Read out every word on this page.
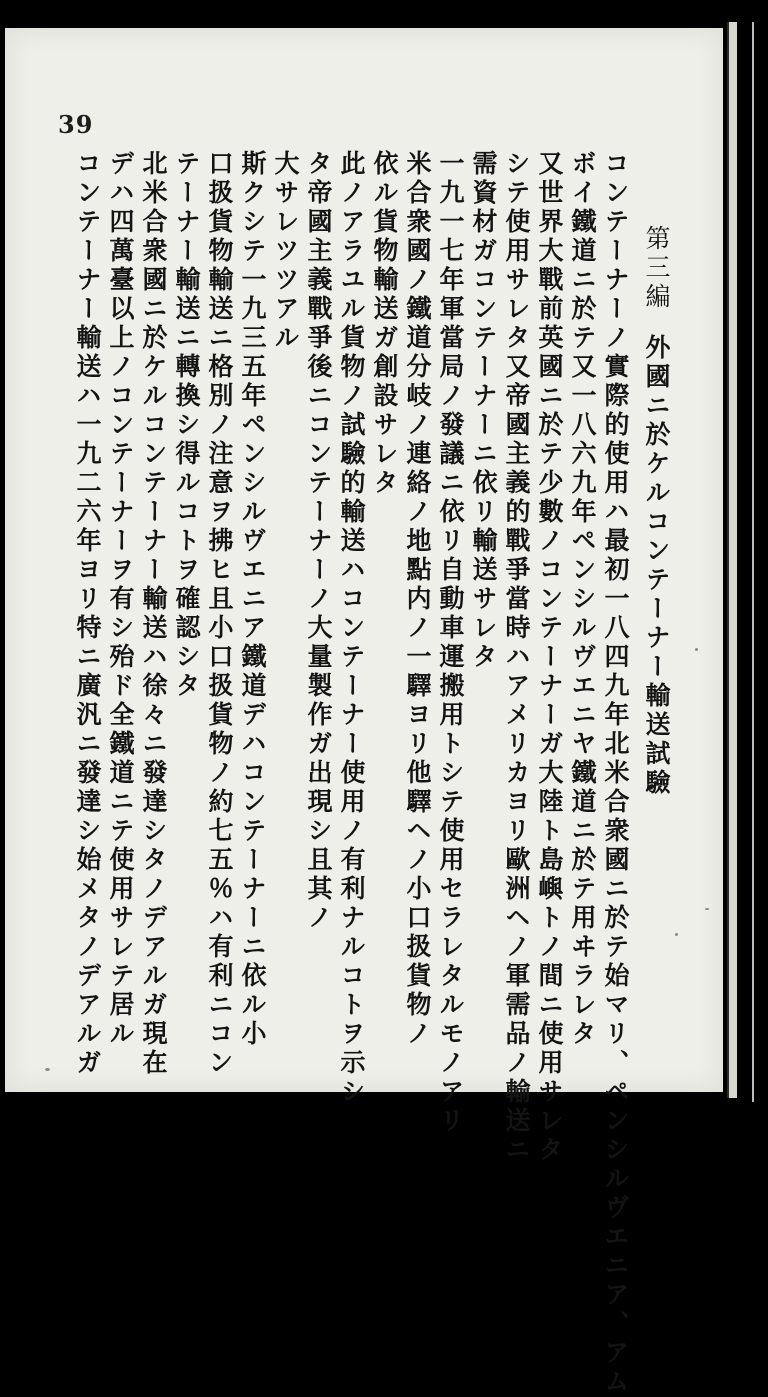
39
第三編外國ニ於ケルコンテーナー輸送試驗
コンテーナーノ實際的使用ハ最初一八四九年北米合衆國ニ於テ始マリ、ペンシルヴエニア、アム
ボイ鐵道ニ於テ又一八六九年ペンシルヴエニヤ鐵道ニ於テ用ヰラレタ
又世界大戰前英國ニ於テ少數ノコンテーナーガ大陸ト島嶼トノ間ニ使用サレタ
シテ使用サレタ又帝國主義的戰爭當時ハアメリカヨリ歐洲ヘノ軍需品ノ輸送ニ
需資材ガコンテーナーニ依リ輸送サレタ
一九一七年軍當局ノ發議ニ依リ自動車運搬用トシテ使用セラレタルモノアリ
米合衆國ノ鐵道分岐ノ連絡ノ地點内ノ一驛ヨリ他驛ヘノ小口扱貨物ノ
依ル貨物輸送ガ創設サレタ
此ノアラユル貨物ノ試驗的輸送ハコンテーナー使用ノ有利ナルコトヲ示シ
タ帝國主義戰爭後ニコンテーナーノ大量製作ガ出現シ且其ノ
大サレツツアル
斯クシテ一九三五年ペンシルヴエニア鐵道デハコンテーナーニ依ル小
口扱貨物輸送ニ格別ノ注意ヲ拂ヒ且小口扱貨物ノ約七五％ハ有利ニコン
テーナー輸送ニ轉換シ得ルコトヲ確認シタ
北米合衆國ニ於ケルコンテーナー輸送ハ徐々ニ發達シタノデアルガ現在
デハ四萬臺以上ノコンテーナーヲ有シ殆ド全鐵道ニテ使用サレテ居ル
コンテーナー輸送ハ一九二六年ヨリ特ニ廣汎ニ發達シ始メタノデアルガ
